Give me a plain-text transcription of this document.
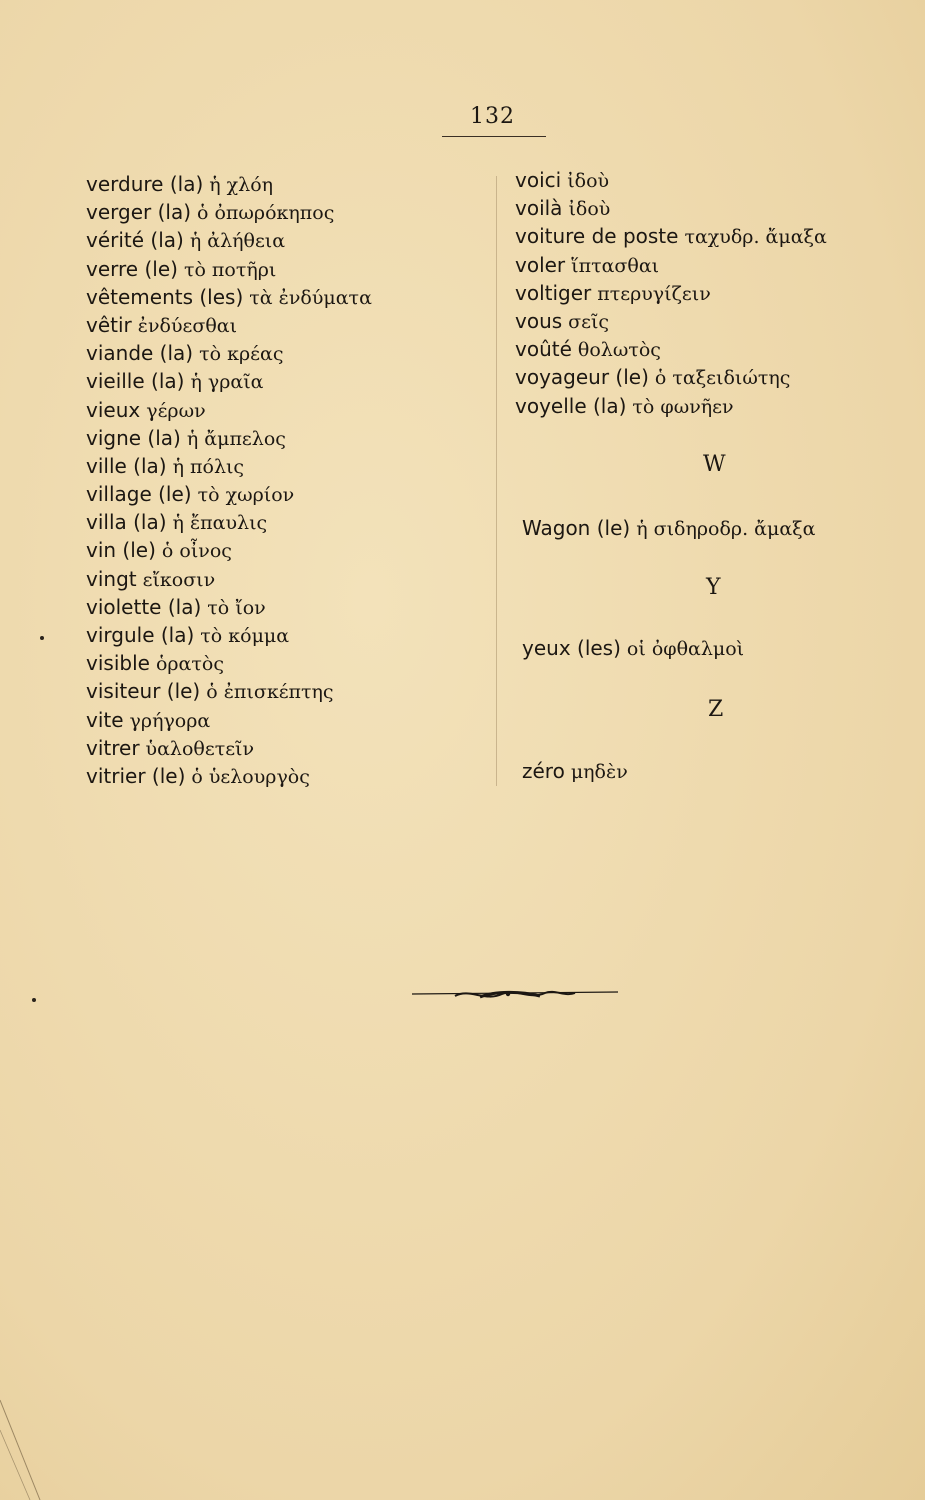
132
verdure (la) ἡ χλόη
verger (la) ὁ ὀπωρόκηπος
vérité (la) ἡ ἀλήθεια
verre (le) τὸ ποτῆρι
vêtements (les) τὰ ἐνδύματα
vêtir ἐνδύεσθαι
viande (la) τὸ κρέας
vieille (la) ἡ γραῖα
vieux γέρων
vigne (la) ἡ ἄμπελος
ville (la) ἡ πόλις
village (le) τὸ χωρίον
villa (la) ἡ ἔπαυλις
vin (le) ὁ οἶνος
vingt εἴκοσιν
violette (la) τὸ ἴον
virgule (la) τὸ κόμμα
visible ὁρατὸς
visiteur (le) ὁ ἐπισκέπτης
vite γρήγορα
vitrer ὑαλοθετεῖν
vitrier (le) ὁ ὑελουργὸς
voici ἰδοὺ
voilà ἰδοὺ
voiture de poste ταχυδρ. ἄμαξα
voler ἵπτασθαι
voltiger πτερυγίζειν
vous σεῖς
voûté θολωτὸς
voyageur (le) ὁ ταξειδιώτης
voyelle (la) τὸ φωνῆεν
W
Wagon (le) ἡ σιδηροδρ. ἄμαξα
Y
yeux (les) οἱ ὀφθαλμοὶ
Z
zéro μηδὲν
